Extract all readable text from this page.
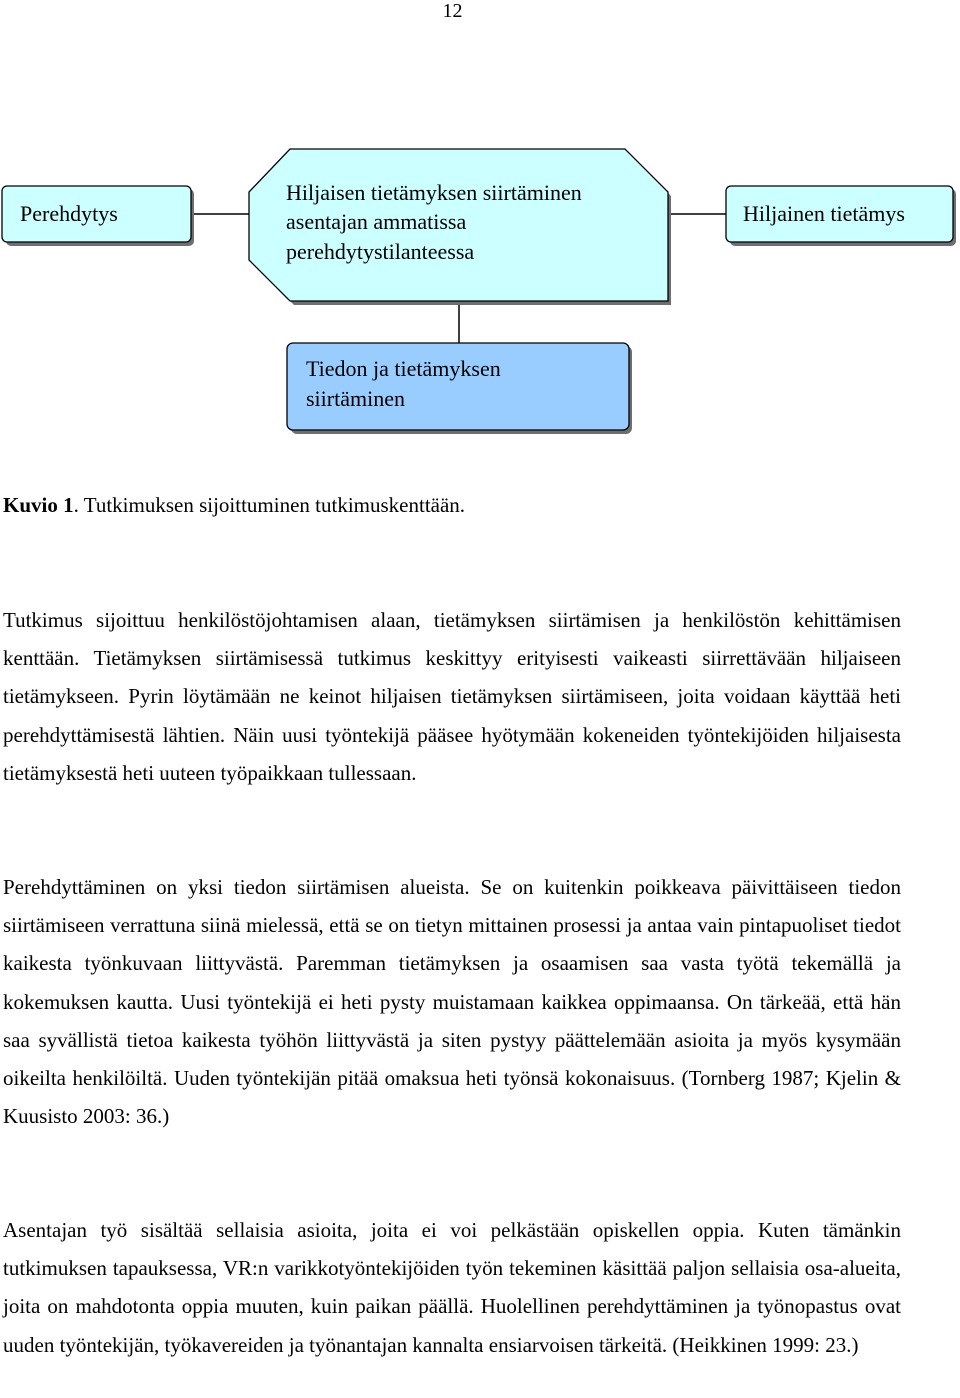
12
Perehdytys
Hiljaisen tietämyksen siirtäminen
asentajan ammatissa
perehdytystilanteessa
Hiljainen tietämys
Tiedon ja tietämyksen
siirtäminen
Kuvio 1. Tutkimuksen sijoittuminen tutkimuskenttään.

Tutkimus sijoittuu henkilöstöjohtamisen alaan, tietämyksen siirtämisen ja henkilöstön kehittämisen kenttään. Tietämyksen siirtämisessä tutkimus keskittyy erityisesti vaikeasti siirrettävään hiljaiseen tietämykseen. Pyrin löytämään ne keinot hiljaisen tietämyksen siirtämiseen, joita voidaan käyttää heti perehdyttämisestä lähtien. Näin uusi työntekijä pääsee hyötymään kokeneiden työntekijöiden hiljaisesta tietämyksestä heti uuteen työpaikkaan tullessaan.

Perehdyttäminen on yksi tiedon siirtämisen alueista. Se on kuitenkin poikkeava päivittäiseen tiedon siirtämiseen verrattuna siinä mielessä, että se on tietyn mittainen prosessi ja antaa vain pintapuoliset tiedot kaikesta työnkuvaan liittyvästä. Paremman tietämyksen ja osaamisen saa vasta työtä tekemällä ja kokemuksen kautta. Uusi työntekijä ei heti pysty muistamaan kaikkea oppimaansa. On tärkeää, että hän saa syvällistä tietoa kaikesta työhön liittyvästä ja siten pystyy päättelemään asioita ja myös kysymään oikeilta henkilöiltä. Uuden työntekijän pitää omaksua heti työnsä kokonaisuus. (Tornberg 1987; Kjelin & Kuusisto 2003: 36.)

Asentajan työ sisältää sellaisia asioita, joita ei voi pelkästään opiskellen oppia. Kuten tämänkin tutkimuksen tapauksessa, VR:n varikkotyöntekijöiden työn tekeminen käsittää paljon sellaisia osa-alueita, joita on mahdotonta oppia muuten, kuin paikan päällä. Huolellinen perehdyttäminen ja työnopastus ovat uuden työntekijän, työkavereiden ja työnantajan kannalta ensiarvoisen tärkeitä. (Heikkinen 1999: 23.)
